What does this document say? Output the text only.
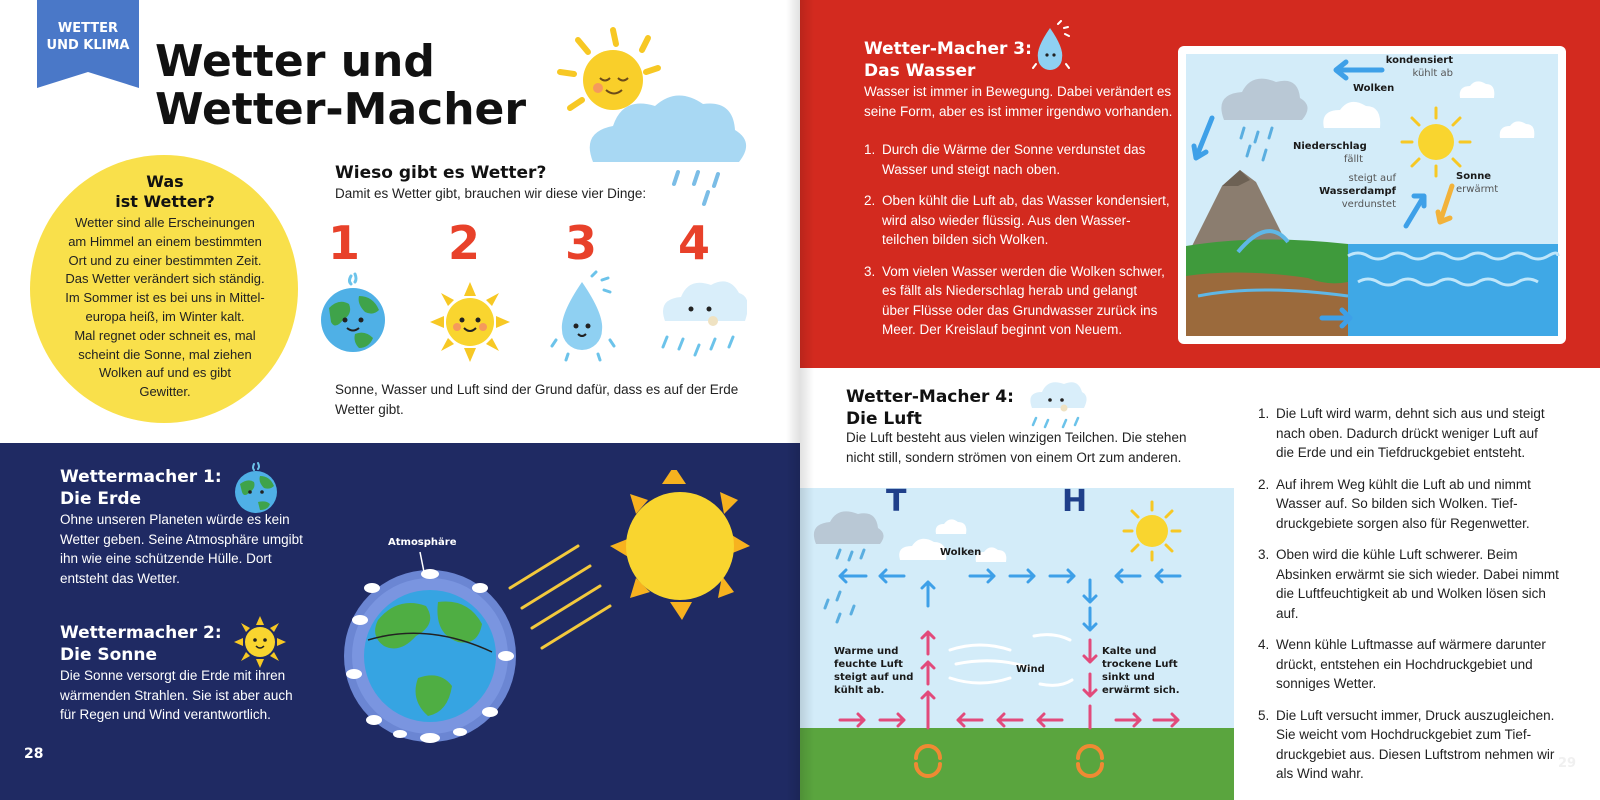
WETTER UND KLIMA Wetter und
Wetter-Macher
Was
ist Wetter?
Wetter sind alle Erscheinungen
am Himmel an einem bestimmten
Ort und zu einer bestimmten Zeit.
Das Wetter verändert sich ständig.
Im Sommer ist es bei uns in Mittel-
europa heiß, im Winter kalt.
Mal regnet oder schneit es, mal
scheint die Sonne, mal ziehen
Wolken auf und es gibt
Gewitter.
Wieso gibt es Wetter?
Damit es Wetter gibt, brauchen wir diese vier Dinge:
1 2 3 4
Sonne, Wasser und Luft sind der Grund dafür, dass es auf der Erde
Wetter gibt.
Wettermacher 1:
Die Erde
Ohne unseren Planeten würde es kein
Wetter geben. Seine Atmosphäre umgibt
ihn wie eine schützende Hülle. Dort
entsteht das Wetter.
Wettermacher 2:
Die Sonne
Die Sonne versorgt die Erde mit ihren
wärmenden Strahlen. Sie ist aber auch
für Regen und Wind verantwortlich.
Atmosphäre
28
Wetter-Macher 3:
Das Wasser
Wasser ist immer in Bewegung. Dabei verändert es
seine Form, aber es ist immer irgendwo vorhanden.
1. Durch die Wärme der Sonne verdunstet das
Wasser und steigt nach oben.
2. Oben kühlt die Luft ab, das Wasser kondensiert,
wird also wieder flüssig. Aus den Wasser-
teilchen bilden sich Wolken.
3. Vom vielen Wasser werden die Wolken schwer,
es fällt als Niederschlag herab und gelangt
über Flüsse oder das Grundwasser zurück ins
Meer. Der Kreislauf beginnt von Neuem.
kondensiert
kühlt ab
Wolken
Niederschlag
fällt
steigt auf
Wasserdampf
verdunstet
Sonne
erwärmt
Wetter-Macher 4:
Die Luft
Die Luft besteht aus vielen winzigen Teilchen. Die stehen
nicht still, sondern strömen von einem Ort zum anderen.
T	H
Wolken
Wind
Warme und
feuchte Luft
steigt auf und
kühlt ab.
Kalte und
trockene Luft
sinkt und
erwärmt sich.
1. Die Luft wird warm, dehnt sich aus und steigt
nach oben. Dadurch drückt weniger Luft auf
die Erde und ein Tiefdruckgebiet entsteht.
2. Auf ihrem Weg kühlt die Luft ab und nimmt
Wasser auf. So bilden sich Wolken. Tief-
druckgebiete sorgen also für Regenwetter.
3. Oben wird die kühle Luft schwerer. Beim
Absinken erwärmt sie sich wieder. Dabei nimmt
die Luftfeuchtigkeit ab und Wolken lösen sich
auf.
4. Wenn kühle Luftmasse auf wärmere darunter
drückt, entstehen ein Hochdruckgebiet und
sonniges Wetter.
5. Die Luft versucht immer, Druck auszugleichen.
Sie weicht vom Hochdruckgebiet zum Tief-
druckgebiet aus. Diesen Luftstrom nehmen wir
als Wind wahr.
29
